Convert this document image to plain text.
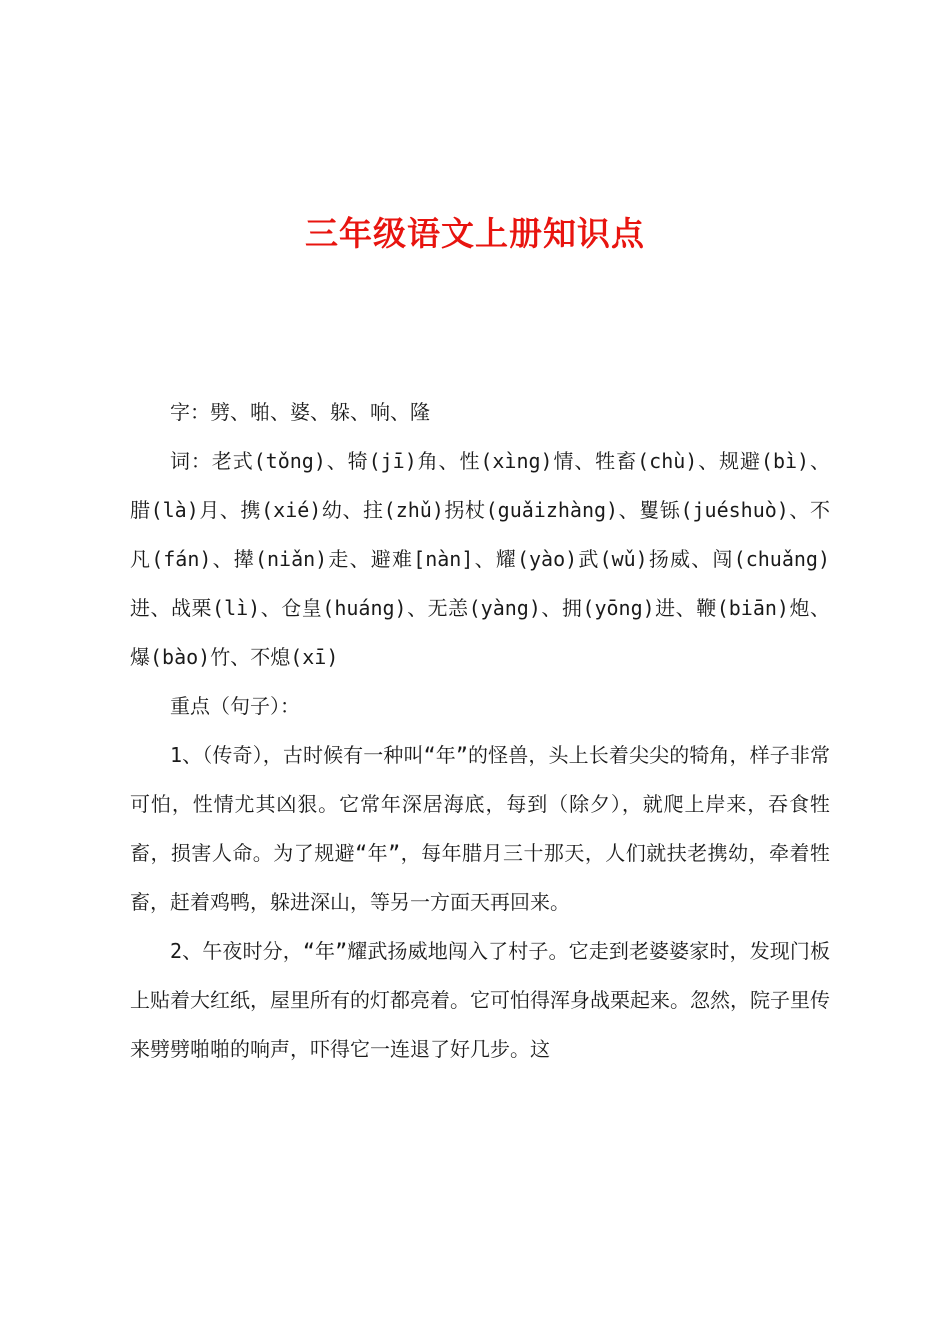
三年级语文上册知识点

字：劈、啪、婆、躲、响、隆

词：老式(tǒng)、犄(jī)角、性(xìng)情、牲畜(chù)、规避(bì)、腊(là)月、携(xié)幼、拄(zhǔ)拐杖(guǎizhàng)、矍铄(juéshuò)、不凡(fán)、撵(niǎn)走、避难[nàn]、耀(yào)武(wǔ)扬威、闯(chuǎng)进、战栗(lì)、仓皇(huáng)、无恙(yàng)、拥(yōng)进、鞭(biān)炮、爆(bào)竹、不熄(xī)

重点（句子）：

1、（传奇），古时候有一种叫“年”的怪兽，头上长着尖尖的犄角，样子非常可怕，性情尤其凶狠。它常年深居海底，每到（除夕），就爬上岸来，吞食牲畜，损害人命。为了规避“年”，每年腊月三十那天，人们就扶老携幼，牵着牲畜，赶着鸡鸭，躲进深山，等另一方面天再回来。

2、午夜时分，“年”耀武扬威地闯入了村子。它走到老婆婆家时，发现门板上贴着大红纸，屋里所有的灯都亮着。它可怕得浑身战栗起来。忽然，院子里传来劈劈啪啪的响声，吓得它一连退了好几步。这
